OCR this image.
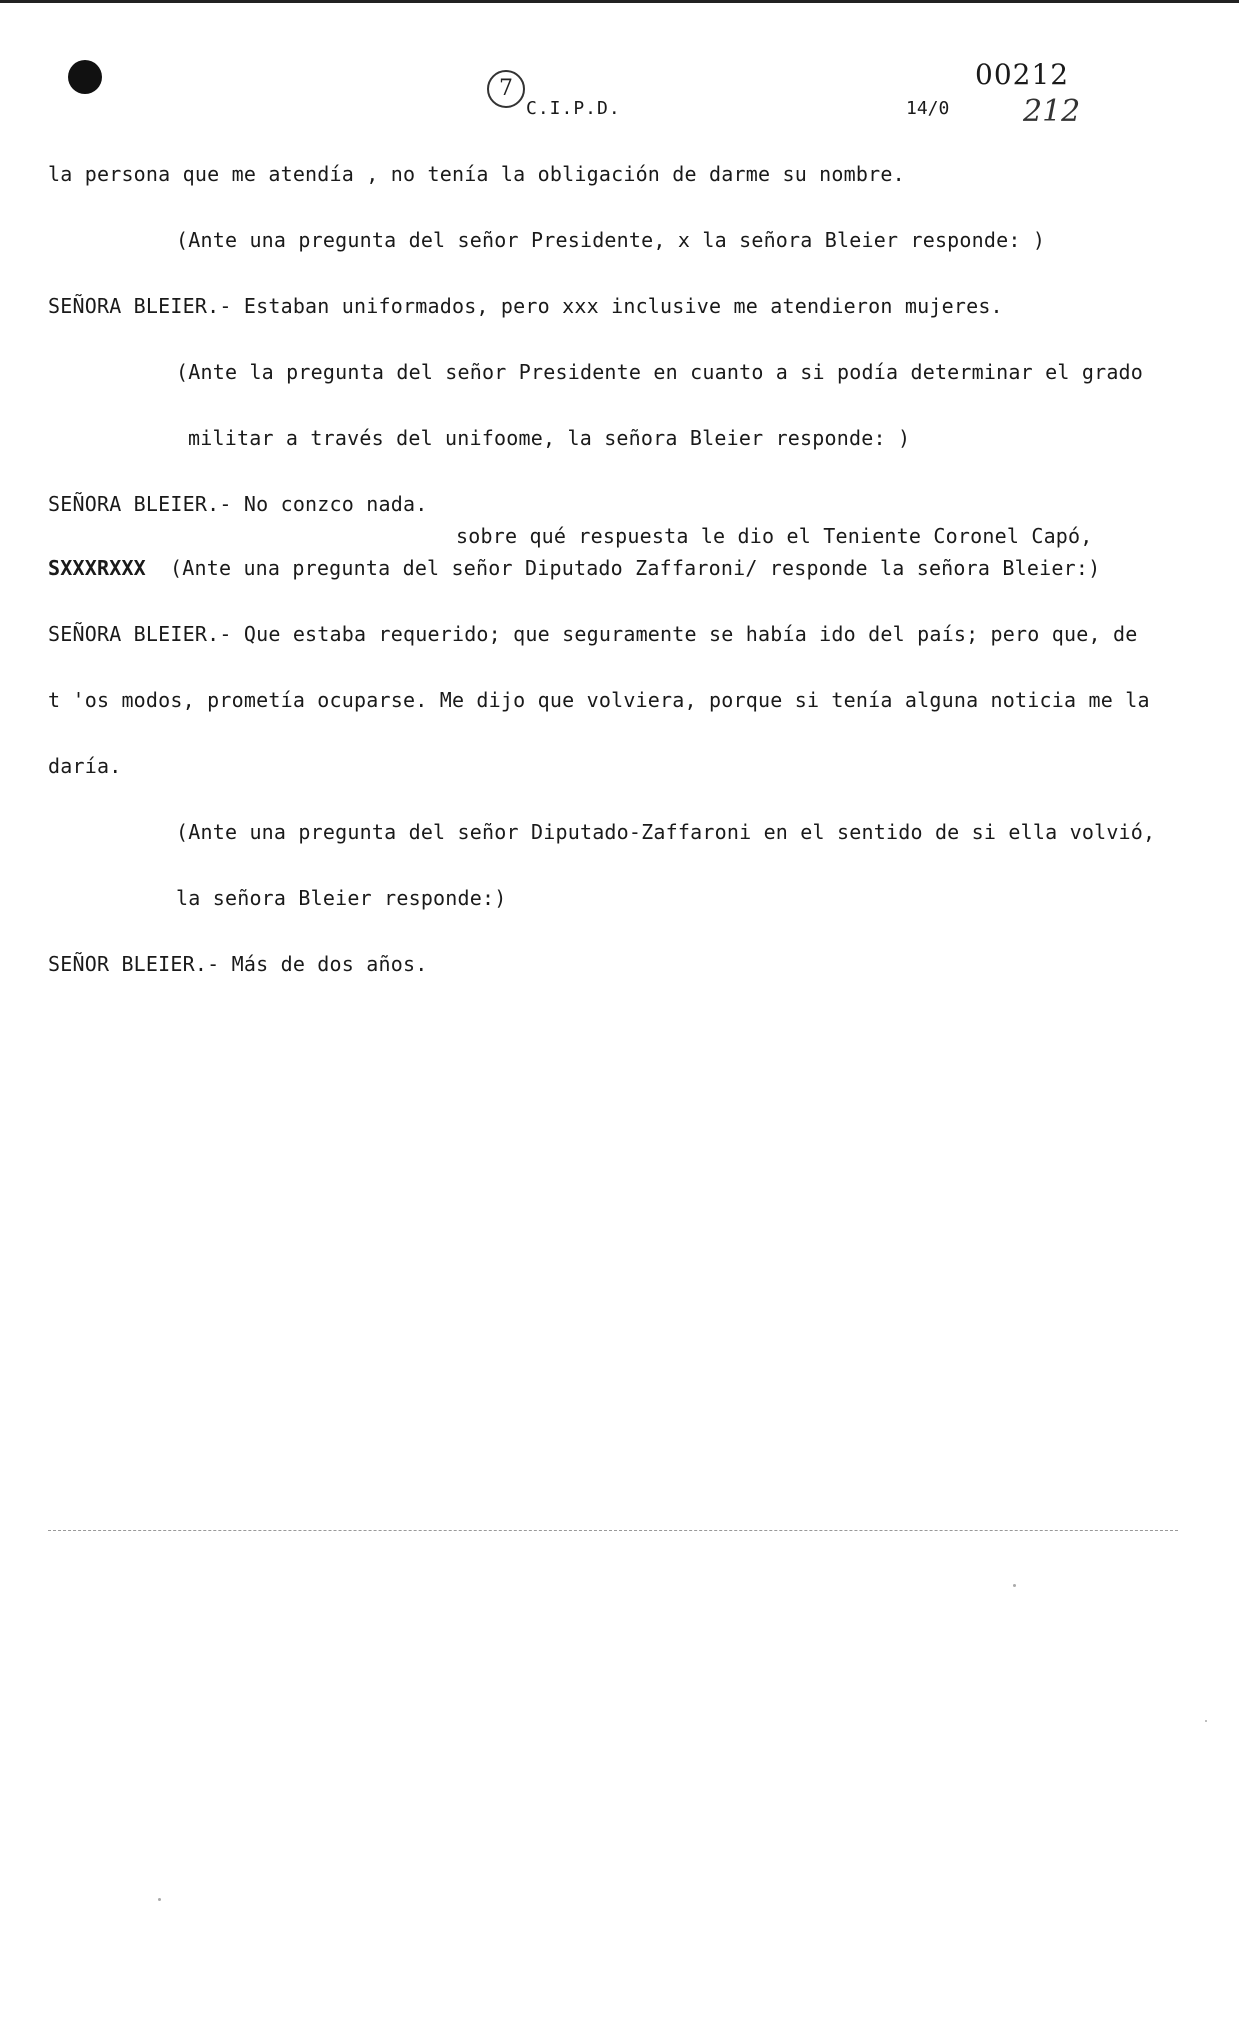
7
C.I.P.D.	14/0
00212
212
la persona que me atendía , no tenía la obligación de darme su nombre.
(Ante una pregunta del señor Presidente, x la señora Bleier responde: )
SEÑORA BLEIER.- Estaban uniformados, pero xxx inclusive me atendieron mujeres.
(Ante la pregunta del señor Presidente en cuanto a si podía determinar el grado
militar a través del unifoome, la señora Bleier responde: )
SEÑORA BLEIER.- No conzco nada.
sobre qué respuesta le dio el Teniente Coronel Capó,
SXXXRXXX (Ante una pregunta del señor Diputado Zaffaroni/ responde la señora Bleier:)
SEÑORA BLEIER.- Que estaba requerido; que seguramente se había ido del país; pero que, de
t 'os modos, prometía ocuparse. Me dijo que volviera, porque si tenía alguna noticia me la
daría.
(Ante una pregunta del señor Diputado-Zaffaroni en el sentido de si ella volvió,
la señora Bleier responde:)
SEÑOR BLEIER.- Más de dos años.
